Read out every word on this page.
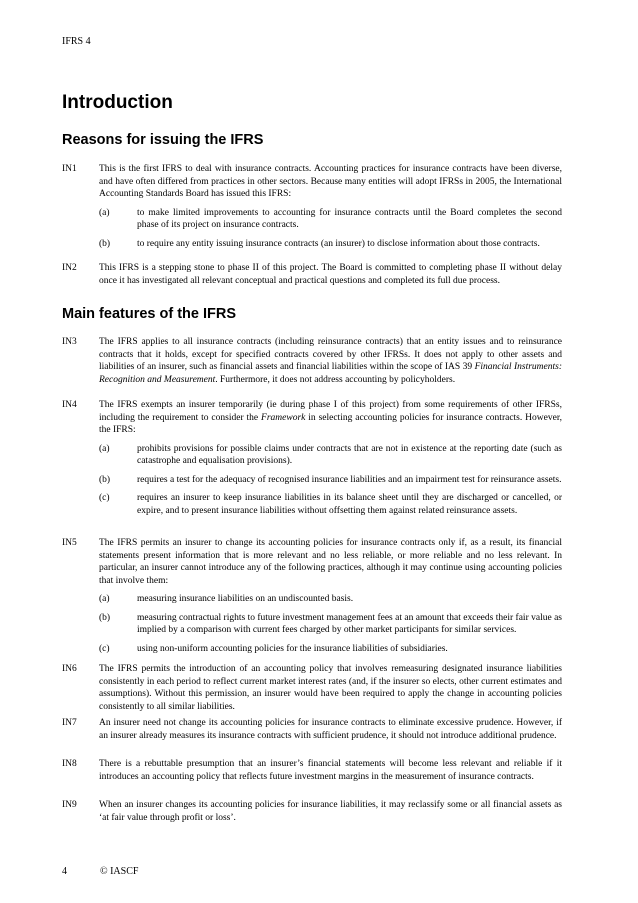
IFRS 4
Introduction
Reasons for issuing the IFRS
IN1	This is the first IFRS to deal with insurance contracts. Accounting practices for insurance contracts have been diverse, and have often differed from practices in other sectors. Because many entities will adopt IFRSs in 2005, the International Accounting Standards Board has issued this IFRS:
(a)	to make limited improvements to accounting for insurance contracts until the Board completes the second phase of its project on insurance contracts.
(b)	to require any entity issuing insurance contracts (an insurer) to disclose information about those contracts.
IN2	This IFRS is a stepping stone to phase II of this project. The Board is committed to completing phase II without delay once it has investigated all relevant conceptual and practical questions and completed its full due process.
Main features of the IFRS
IN3	The IFRS applies to all insurance contracts (including reinsurance contracts) that an entity issues and to reinsurance contracts that it holds, except for specified contracts covered by other IFRSs. It does not apply to other assets and liabilities of an insurer, such as financial assets and financial liabilities within the scope of IAS 39 Financial Instruments: Recognition and Measurement. Furthermore, it does not address accounting by policyholders.
IN4	The IFRS exempts an insurer temporarily (ie during phase I of this project) from some requirements of other IFRSs, including the requirement to consider the Framework in selecting accounting policies for insurance contracts. However, the IFRS:
(a)	prohibits provisions for possible claims under contracts that are not in existence at the reporting date (such as catastrophe and equalisation provisions).
(b)	requires a test for the adequacy of recognised insurance liabilities and an impairment test for reinsurance assets.
(c)	requires an insurer to keep insurance liabilities in its balance sheet until they are discharged or cancelled, or expire, and to present insurance liabilities without offsetting them against related reinsurance assets.
IN5	The IFRS permits an insurer to change its accounting policies for insurance contracts only if, as a result, its financial statements present information that is more relevant and no less reliable, or more reliable and no less relevant. In particular, an insurer cannot introduce any of the following practices, although it may continue using accounting policies that involve them:
(a)	measuring insurance liabilities on an undiscounted basis.
(b)	measuring contractual rights to future investment management fees at an amount that exceeds their fair value as implied by a comparison with current fees charged by other market participants for similar services.
(c)	using non-uniform accounting policies for the insurance liabilities of subsidiaries.
IN6	The IFRS permits the introduction of an accounting policy that involves remeasuring designated insurance liabilities consistently in each period to reflect current market interest rates (and, if the insurer so elects, other current estimates and assumptions). Without this permission, an insurer would have been required to apply the change in accounting policies consistently to all similar liabilities.
IN7	An insurer need not change its accounting policies for insurance contracts to eliminate excessive prudence. However, if an insurer already measures its insurance contracts with sufficient prudence, it should not introduce additional prudence.
IN8	There is a rebuttable presumption that an insurer’s financial statements will become less relevant and reliable if it introduces an accounting policy that reflects future investment margins in the measurement of insurance contracts.
IN9	When an insurer changes its accounting policies for insurance liabilities, it may reclassify some or all financial assets as ‘at fair value through profit or loss’.
4	© IASCF
